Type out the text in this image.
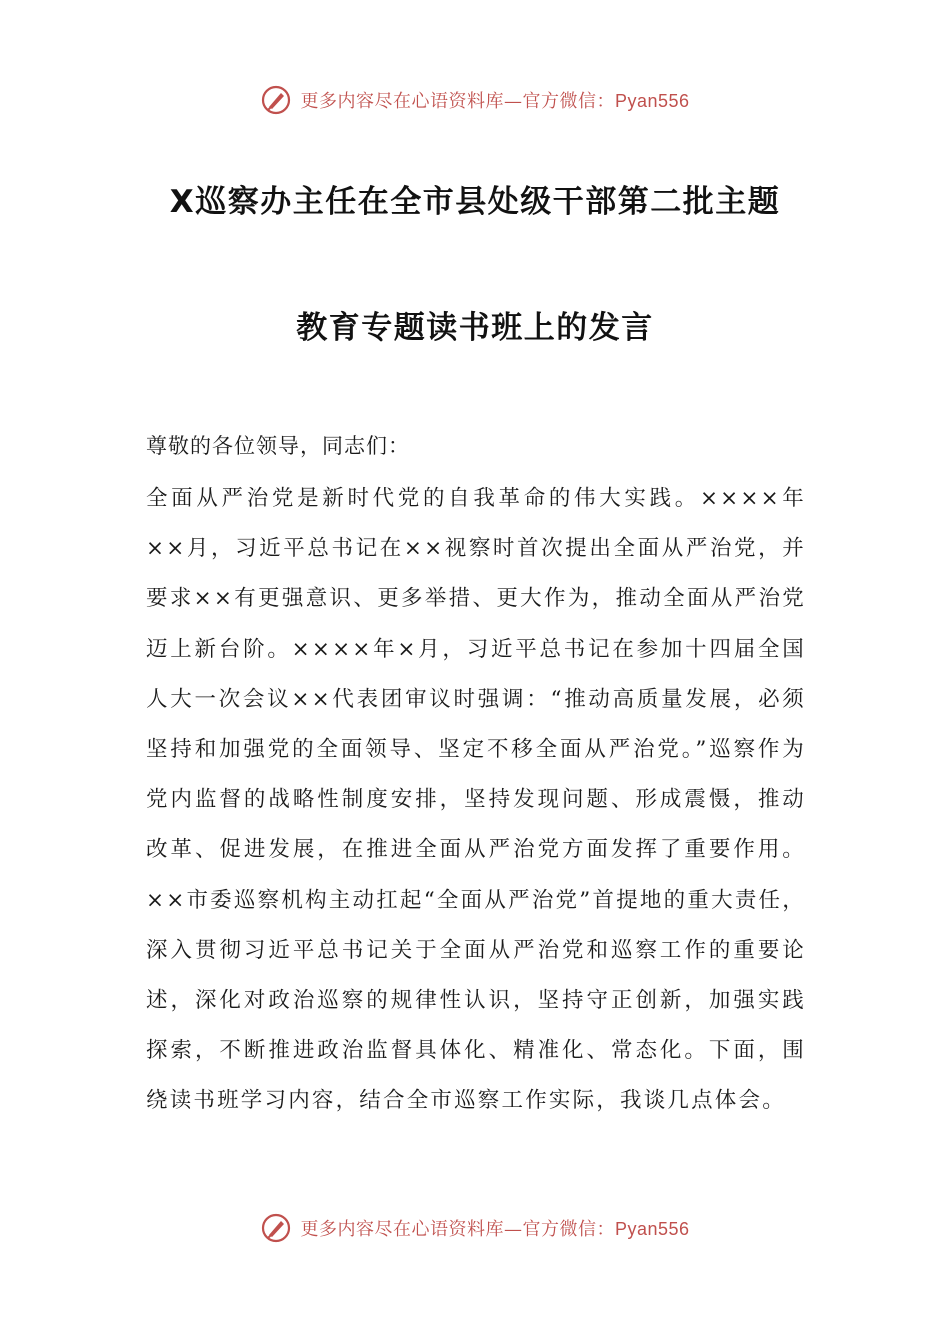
更多内容尽在心语资料库—官方微信：Pyan556
X巡察办主任在全市县处级干部第二批主题
教育专题读书班上的发言
尊敬的各位领导，同志们：
全面从严治党是新时代党的自我革命的伟大实践。××××年××月，习近平总书记在××视察时首次提出全面从严治党，并要求××有更强意识、更多举措、更大作为，推动全面从严治党迈上新台阶。××××年×月，习近平总书记在参加十四届全国人大一次会议××代表团审议时强调：“推动高质量发展，必须坚持和加强党的全面领导、坚定不移全面从严治党。”巡察作为党内监督的战略性制度安排，坚持发现问题、形成震慑，推动改革、促进发展，在推进全面从严治党方面发挥了重要作用。××市委巡察机构主动扛起“全面从严治党”首提地的重大责任，深入贯彻习近平总书记关于全面从严治党和巡察工作的重要论述，深化对政治巡察的规律性认识，坚持守正创新，加强实践探索，不断推进政治监督具体化、精准化、常态化。下面，围绕读书班学习内容，结合全市巡察工作实际，我谈几点体会。
更多内容尽在心语资料库—官方微信：Pyan556
